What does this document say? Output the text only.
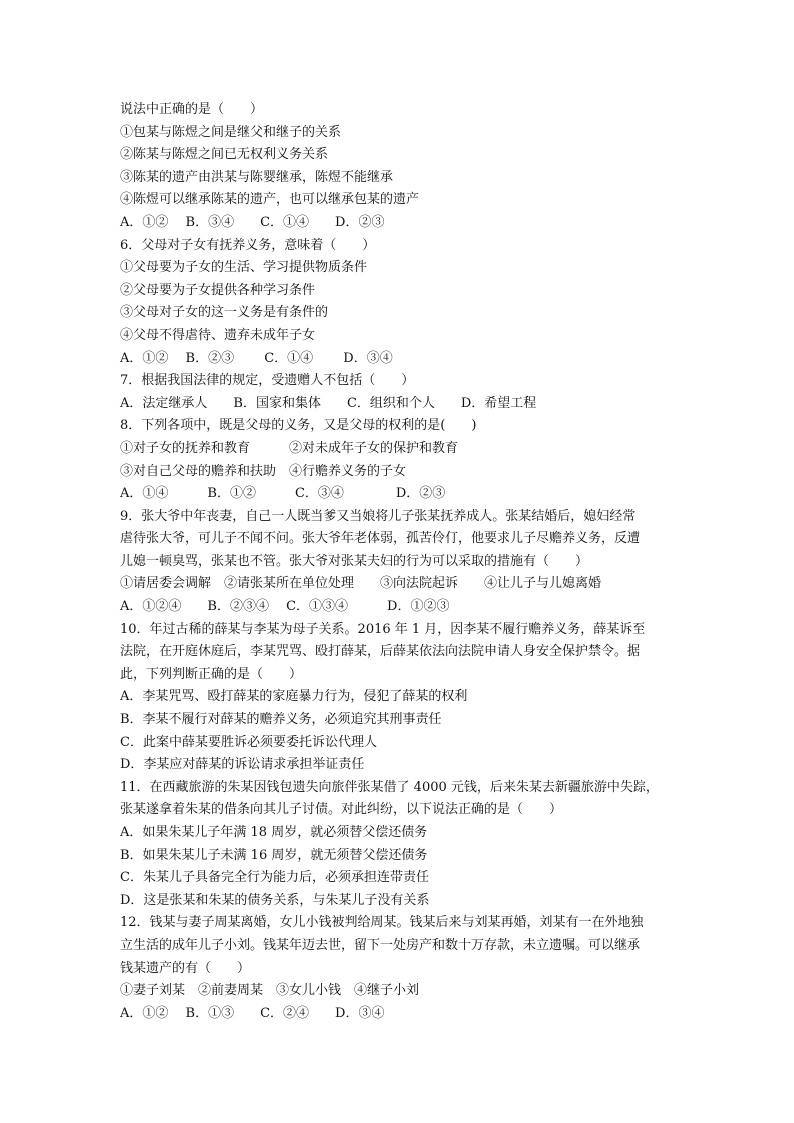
说法中正确的是（　　）
①包某与陈煜之间是继父和继子的关系
②陈某与陈煜之间已无权利义务关系
③陈某的遗产由洪某与陈婴继承，陈煜不能继承
④陈煜可以继承陈某的遗产，也可以继承包某的遗产
A．①②　 B．③④　　C．①④　　D．②③
6．父母对子女有抚养义务，意味着（　　）
①父母要为子女的生活、学习提供物质条件
②父母要为子女提供各种学习条件
③父母对子女的这一义务是有条件的
④父母不得虐待、遗弃未成年子女
A．①②　 B．②③　　 C．①④　　 D．③④
7．根据我国法律的规定，受遗赠人不包括（　　）
A．法定继承人　　B．国家和集体　　C．组织和个人　　D．希望工程
8．下列各项中，既是父母的义务，又是父母的权利的是(　　)
①对子女的抚养和教育　　　②对未成年子女的保护和教育
③对自己父母的赡养和扶助　④行赡养义务的子女
A．①④　　　B．①②　　　C．③④　　　　D．②③
9．张大爷中年丧妻，自己一人既当爹又当娘将儿子张某抚养成人。张某结婚后，媳妇经常
虐待张大爷，可儿子不闻不问。张大爷年老体弱，孤苦伶仃，他要求儿子尽赡养义务，反遭
儿媳一顿臭骂，张某也不管。张大爷对张某夫妇的行为可以采取的措施有（　　）
①请居委会调解　②请张某所在单位处理　　③向法院起诉　　④让儿子与儿媳离婚
A．①②④　　B．②③④　 C．①③④　　　D．①②③
10．年过古稀的薛某与李某为母子关系。2016 年 1 月，因李某不履行赡养义务，薛某诉至
法院，在开庭休庭后，李某咒骂、殴打薛某，后薛某依法向法院申请人身安全保护禁令。据
此，下列判断正确的是（　　）
A．李某咒骂、殴打薛某的家庭暴力行为，侵犯了薛某的权利
B．李某不履行对薛某的赡养义务，必须追究其刑事责任
C．此案中薛某要胜诉必须要委托诉讼代理人
D．李某应对薛某的诉讼请求承担举证责任
11．在西藏旅游的朱某因钱包遗失向旅伴张某借了 4000 元钱，后来朱某去新疆旅游中失踪，
张某遂拿着朱某的借条向其儿子讨债。对此纠纷，以下说法正确的是（　　）
A．如果朱某儿子年满 18 周岁，就必须替父偿还债务
B．如果朱某儿子未满 16 周岁，就无须替父偿还债务
C．朱某儿子具备完全行为能力后，必须承担连带责任
D．这是张某和朱某的债务关系，与朱某儿子没有关系
12．钱某与妻子周某离婚，女儿小钱被判给周某。钱某后来与刘某再婚，刘某有一在外地独
立生活的成年儿子小刘。钱某年迈去世，留下一处房产和数十万存款，未立遗嘱。可以继承
钱某遗产的有（　　）
①妻子刘某　②前妻周某　③女儿小钱　④继子小刘
A．①②　 B．①③　　C．②④　　D．③④
